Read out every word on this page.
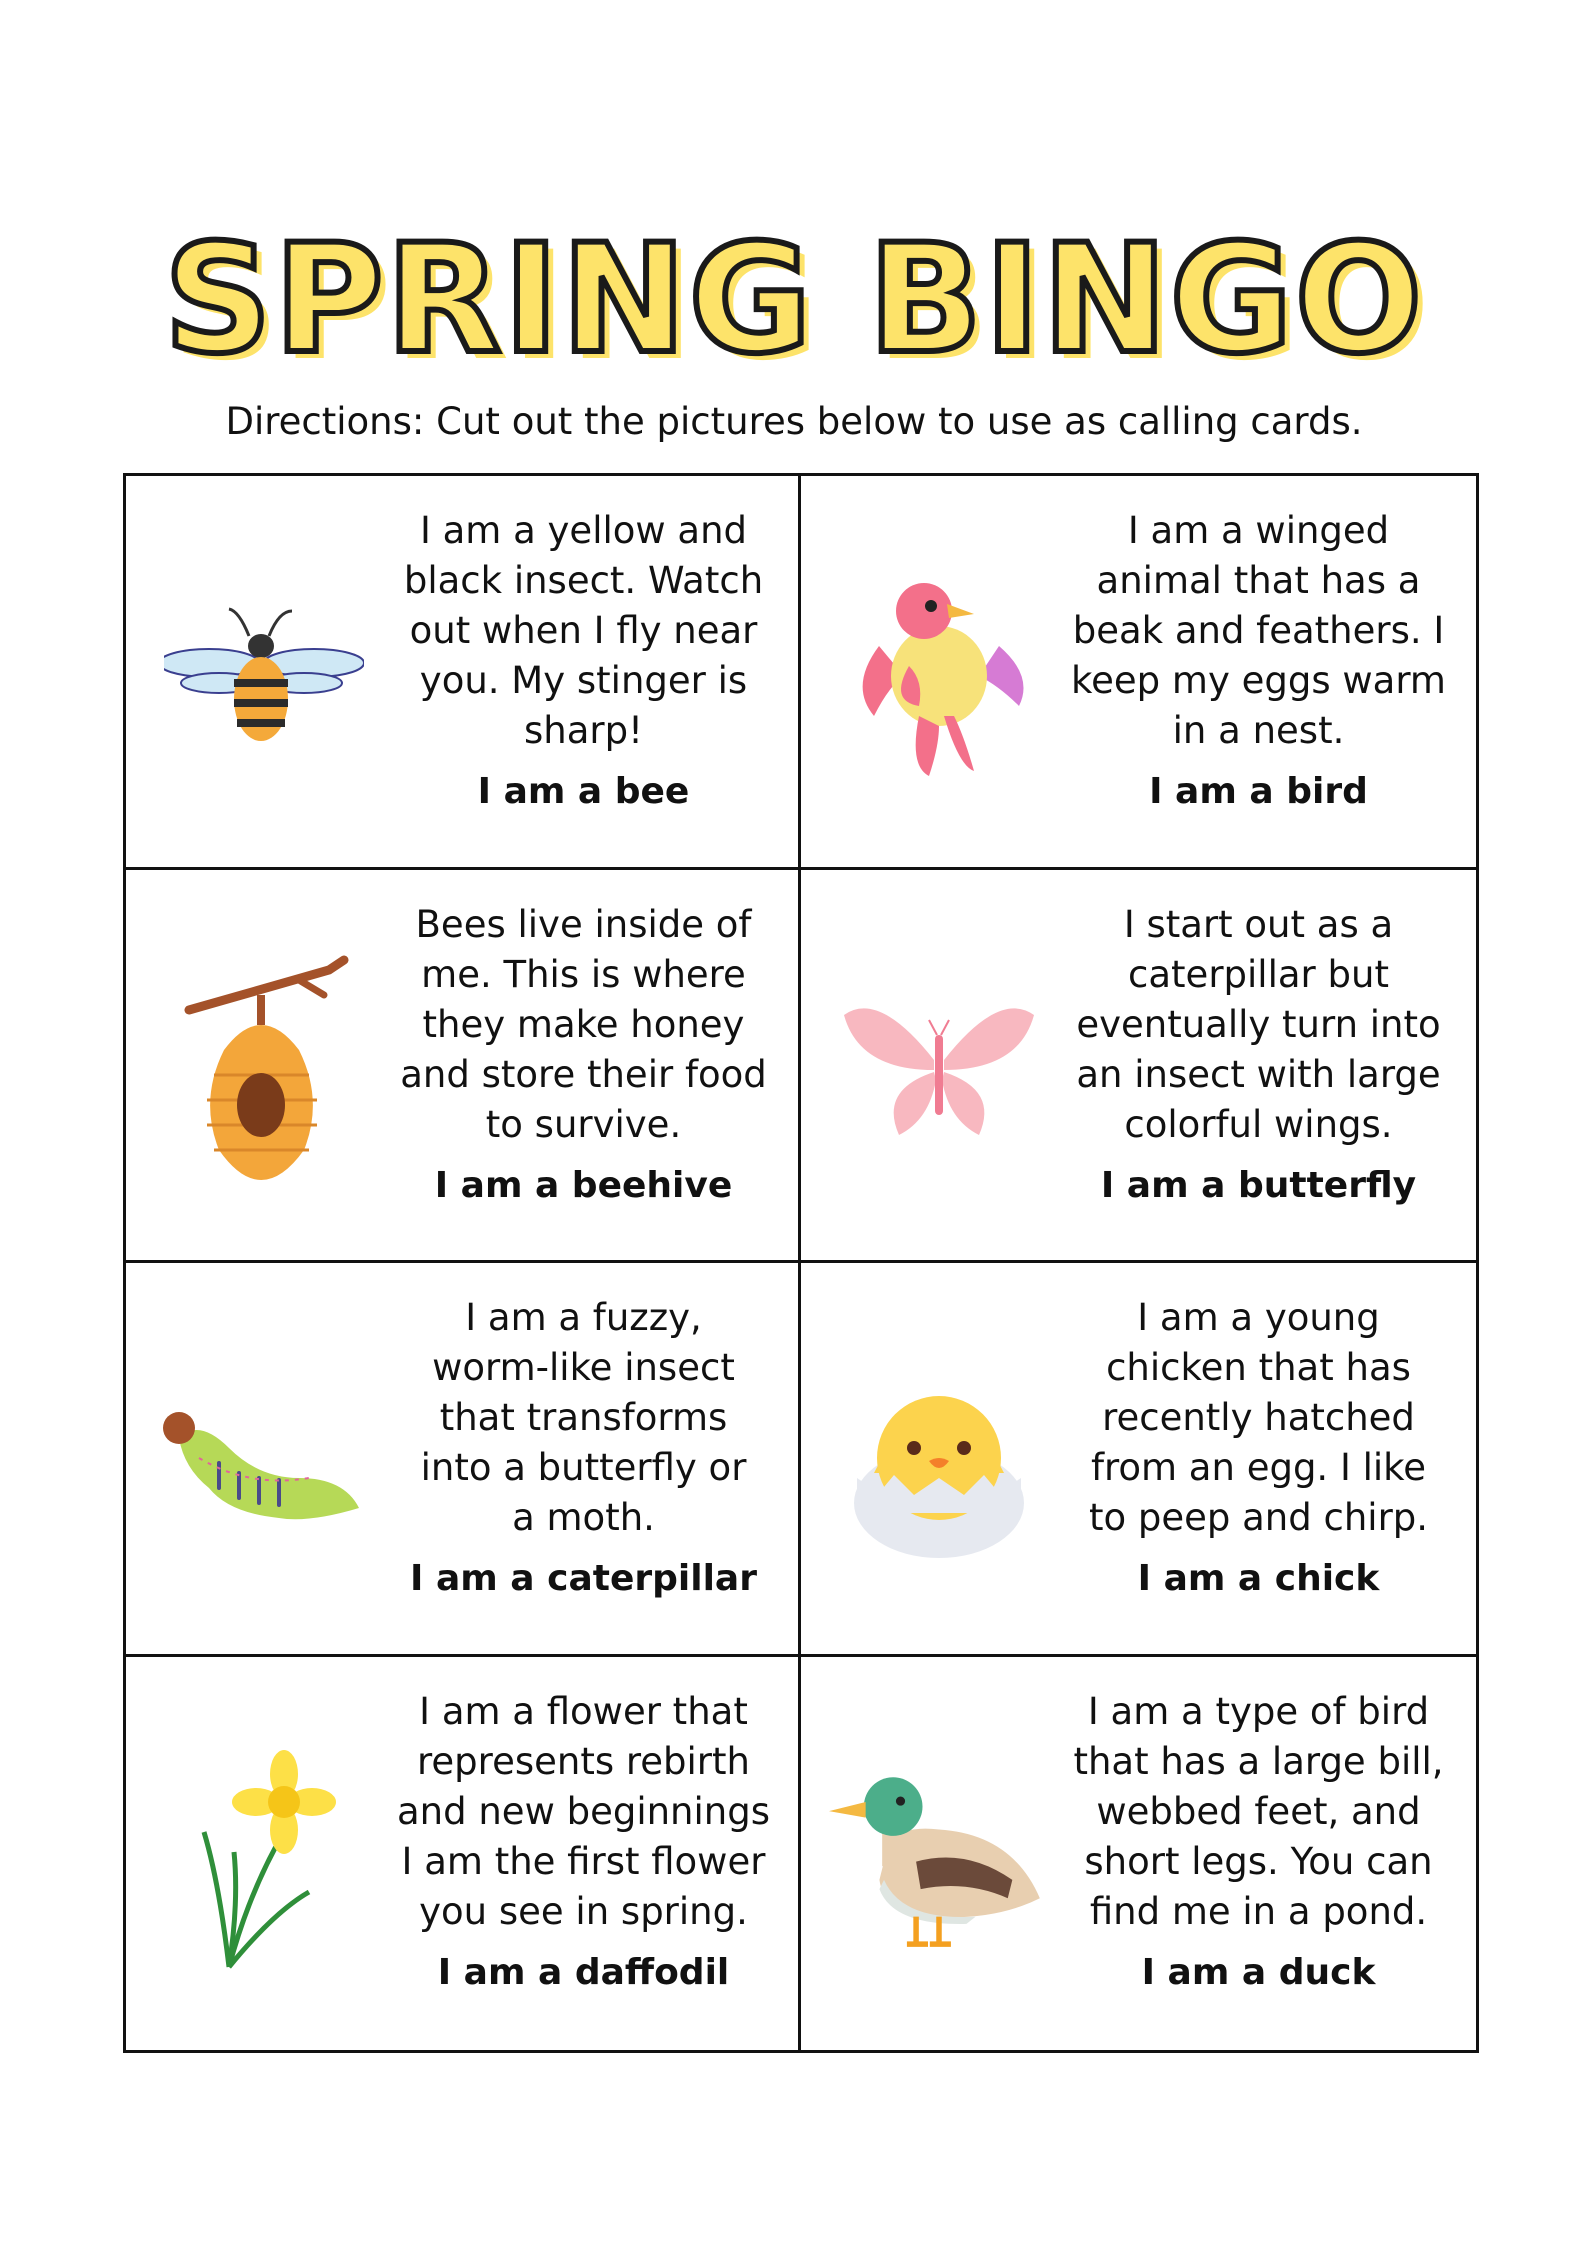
SPRING BINGO
Directions: Cut out the pictures below to use as calling cards.
I am a yellow and
black insect. Watch
out when I fly near
you. My stinger is
sharp!
I am a bee
I am a winged
animal that has a
beak and feathers. I
keep my eggs warm
in a nest.
I am a bird
Bees live inside of
me. This is where
they make honey
and store their food
to survive.
I am a beehive
I start out as a
caterpillar but
eventually turn into
an insect with large
colorful wings.
I am a butterfly
I am a fuzzy,
worm-like insect
that transforms
into a butterfly or
a moth.
I am a caterpillar
I am a young
chicken that has
recently hatched
from an egg. I like
to peep and chirp.
I am a chick
I am a flower that
represents rebirth
and new beginnings
I am the first flower
you see in spring.
I am a daffodil
I am a type of bird
that has a large bill,
webbed feet, and
short legs. You can
find me in a pond.
I am a duck
